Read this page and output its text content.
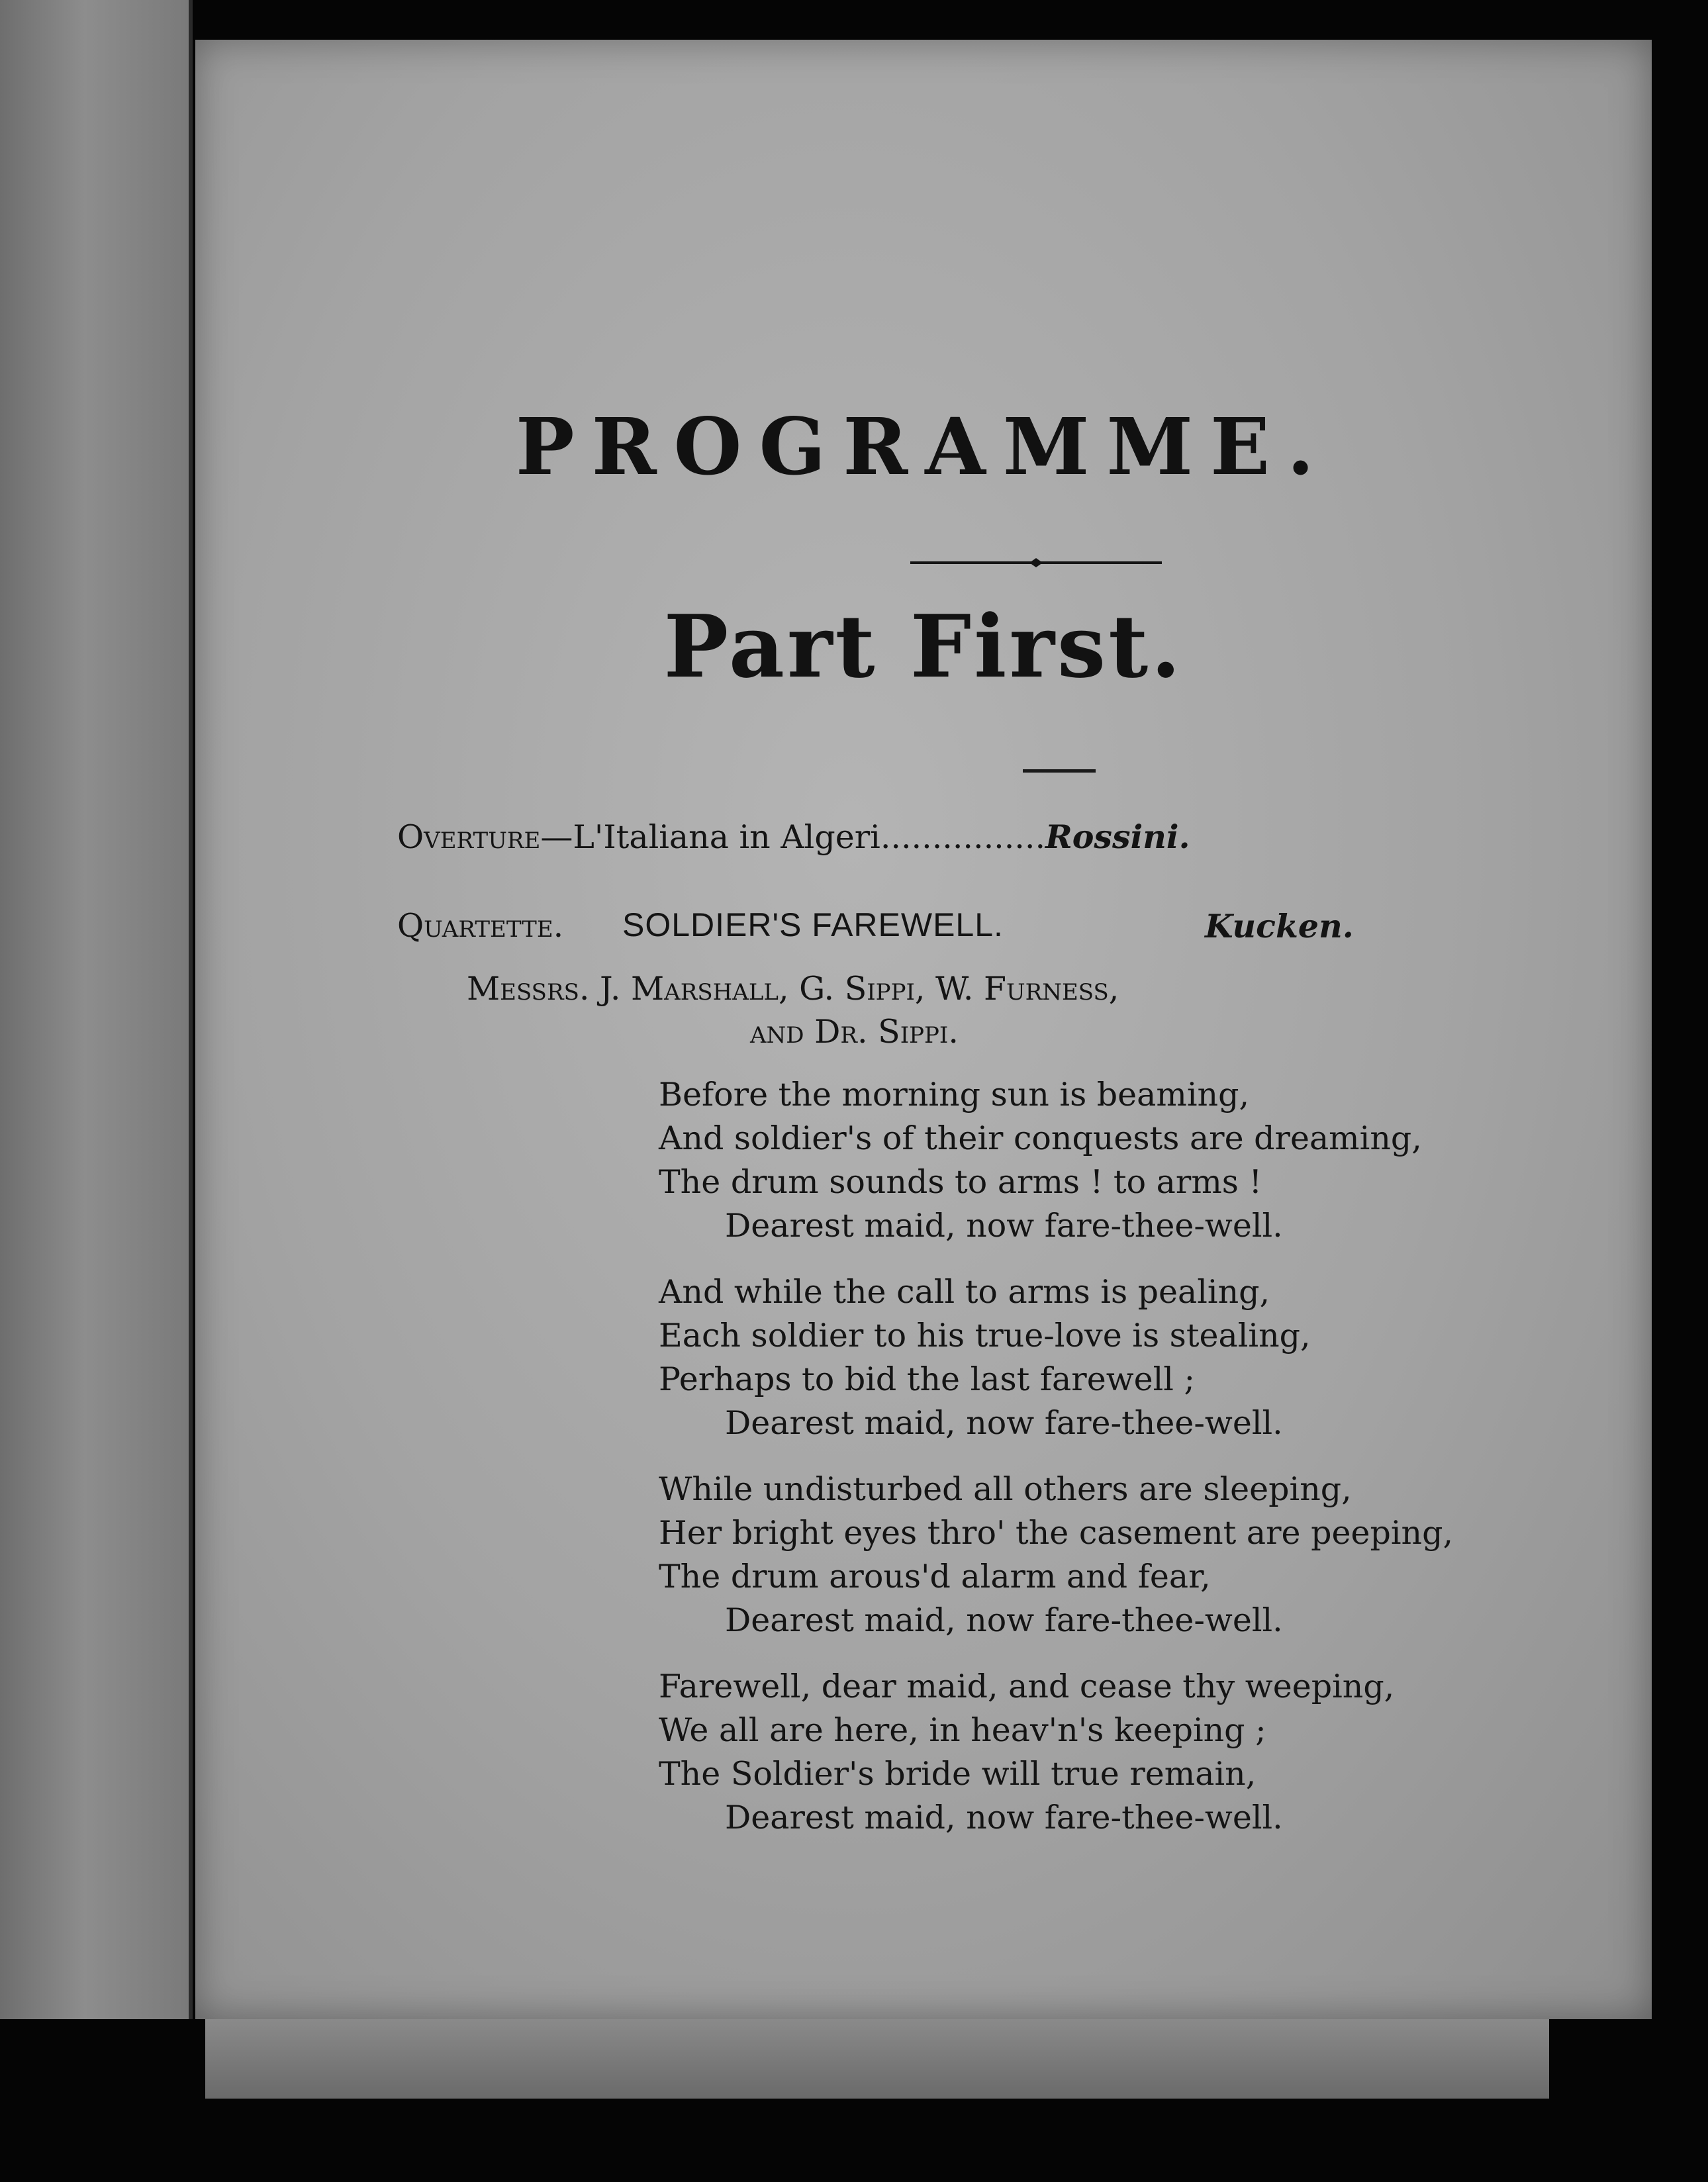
PROGRAMME.
Part First.
Overture—L'Italiana in Algeri................Rossini.
Quartette. SOLDIER'S FAREWELL.	Kucken.
Messrs. J. Marshall, G. Sippi, W. Furness,
and Dr. Sippi.
Before the morning sun is beaming,
And soldier's of their conquests are dreaming,
The drum sounds to arms ! to arms !
Dearest maid, now fare-thee-well.
And while the call to arms is pealing,
Each soldier to his true-love is stealing,
Perhaps to bid the last farewell ;
Dearest maid, now fare-thee-well.
While undisturbed all others are sleeping,
Her bright eyes thro' the casement are peeping,
The drum arous'd alarm and fear,
Dearest maid, now fare-thee-well.
Farewell, dear maid, and cease thy weeping,
We all are here, in heav'n's keeping ;
The Soldier's bride will true remain,
Dearest maid, now fare-thee-well.
